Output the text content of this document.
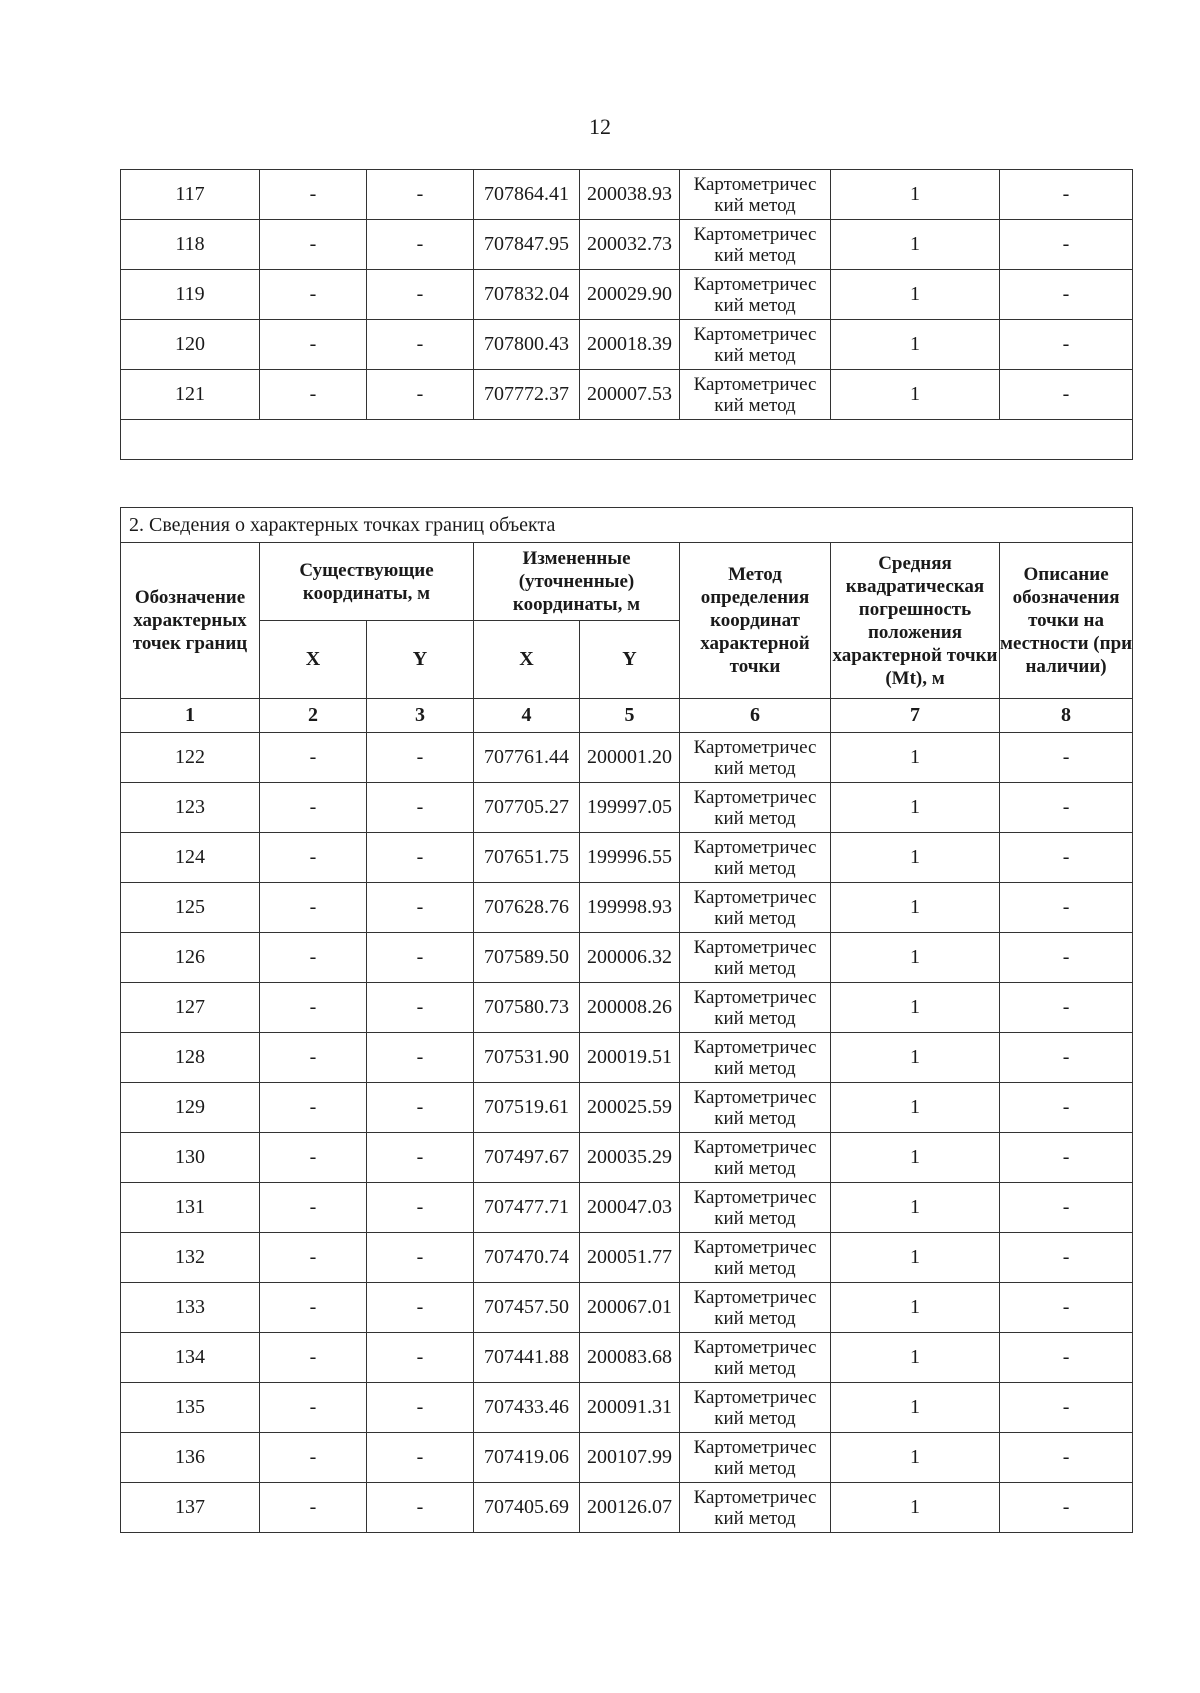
12
117	-	-	707864.41	200038.93	Картометричес кий метод	1	-
118	-	-	707847.95	200032.73	Картометричес кий метод	1	-
119	-	-	707832.04	200029.90	Картометричес кий метод	1	-
120	-	-	707800.43	200018.39	Картометричес кий метод	1	-
121	-	-	707772.37	200007.53	Картометричес кий метод	1	-

2. Сведения о характерных точках границ объекта							
Обозначение характерных точек границ	Существующие координаты, м		Измененные (уточненные) координаты, м		Метод определения координат характерной точки	Средняя квадратическая погрешность положения характерной точки (Mt), м	Описание обозначения точки на местности (при наличии)
	X	Y	X	Y			
1	2	3	4	5	6	7	8
122	-	-	707761.44	200001.20	Картометричес кий метод	1	-
123	-	-	707705.27	199997.05	Картометричес кий метод	1	-
124	-	-	707651.75	199996.55	Картометричес кий метод	1	-
125	-	-	707628.76	199998.93	Картометричес кий метод	1	-
126	-	-	707589.50	200006.32	Картометричес кий метод	1	-
127	-	-	707580.73	200008.26	Картометричес кий метод	1	-
128	-	-	707531.90	200019.51	Картометричес кий метод	1	-
129	-	-	707519.61	200025.59	Картометричес кий метод	1	-
130	-	-	707497.67	200035.29	Картометричес кий метод	1	-
131	-	-	707477.71	200047.03	Картометричес кий метод	1	-
132	-	-	707470.74	200051.77	Картометричес кий метод	1	-
133	-	-	707457.50	200067.01	Картометричес кий метод	1	-
134	-	-	707441.88	200083.68	Картометричес кий метод	1	-
135	-	-	707433.46	200091.31	Картометричес кий метод	1	-
136	-	-	707419.06	200107.99	Картометричес кий метод	1	-
137	-	-	707405.69	200126.07	Картометричес кий метод	1	-
